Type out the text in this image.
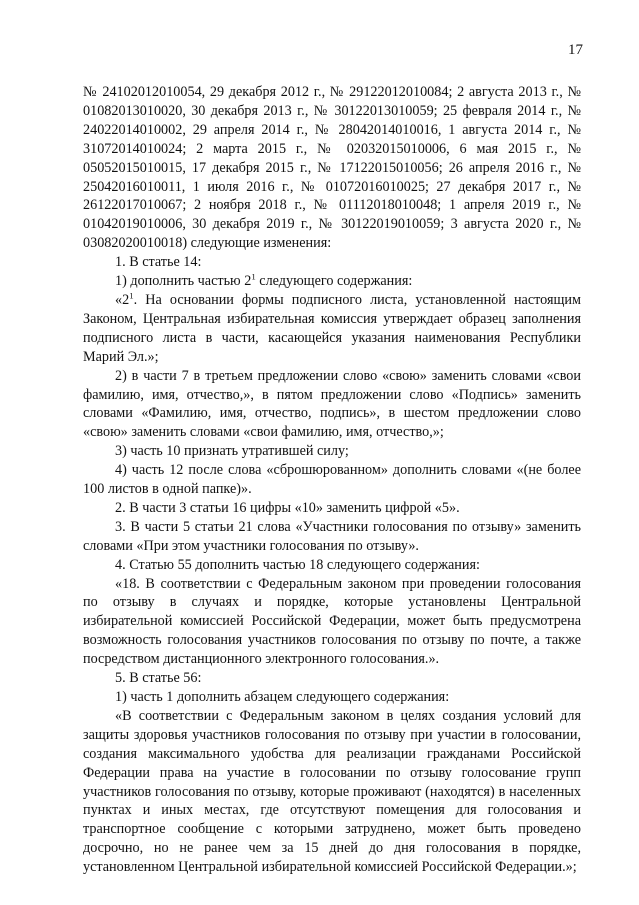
17

№ 24102012010054, 29 декабря 2012 г., № 29122012010084; 2 августа 2013 г., № 01082013010020, 30 декабря 2013 г., № 30122013010059; 25 февраля 2014 г., № 24022014010002, 29 апреля 2014 г., № 28042014010016, 1 августа 2014 г., № 31072014010024; 2 марта 2015 г., № 02032015010006, 6 мая 2015 г., № 05052015010015, 17 декабря 2015 г., № 17122015010056; 26 апреля 2016 г., № 25042016010011, 1 июля 2016 г., № 01072016010025; 27 декабря 2017 г., № 26122017010067; 2 ноября 2018 г., № 01112018010048; 1 апреля 2019 г., № 01042019010006, 30 декабря 2019 г., № 30122019010059; 3 августа 2020 г., № 03082020010018) следующие изменения:

1. В статье 14:

1) дополнить частью $2^1$ следующего содержания:

«$2^1$. На основании формы подписного листа, установленной настоящим Законом, Центральная избирательная комиссия утверждает образец заполнения подписного листа в части, касающейся указания наименования Республики Марий Эл.»;

2) в части 7 в третьем предложении слово «свою» заменить словами «свои фамилию, имя, отчество,», в пятом предложении слово «Подпись» заменить словами «Фамилию, имя, отчество, подпись», в шестом предложении слово «свою» заменить словами «свои фамилию, имя, отчество,»;

3) часть 10 признать утратившей силу;

4) часть 12 после слова «сброшюрованном» дополнить словами «(не более 100 листов в одной папке)».

2. В части 3 статьи 16 цифры «10» заменить цифрой «5».

3. В части 5 статьи 21 слова «Участники голосования по отзыву» заменить словами «При этом участники голосования по отзыву».

4. Статью 55 дополнить частью 18 следующего содержания:

«18. В соответствии с Федеральным законом при проведении голосования по отзыву в случаях и порядке, которые установлены Центральной избирательной комиссией Российской Федерации, может быть предусмотрена возможность голосования участников голосования по отзыву по почте, а также посредством дистанционного электронного голосования.».

5. В статье 56:

1) часть 1 дополнить абзацем следующего содержания:

«В соответствии с Федеральным законом в целях создания условий для защиты здоровья участников голосования по отзыву при участии в голосовании, создания максимального удобства для реализации гражданами Российской Федерации права на участие в голосовании по отзыву голосование групп участников голосования по отзыву, которые проживают (находятся) в населенных пунктах и иных местах, где отсутствуют помещения для голосования и транспортное сообщение с которыми затруднено, может быть проведено досрочно, но не ранее чем за 15 дней до дня голосования в порядке, установленном Центральной избирательной комиссией Российской Федерации.»;
